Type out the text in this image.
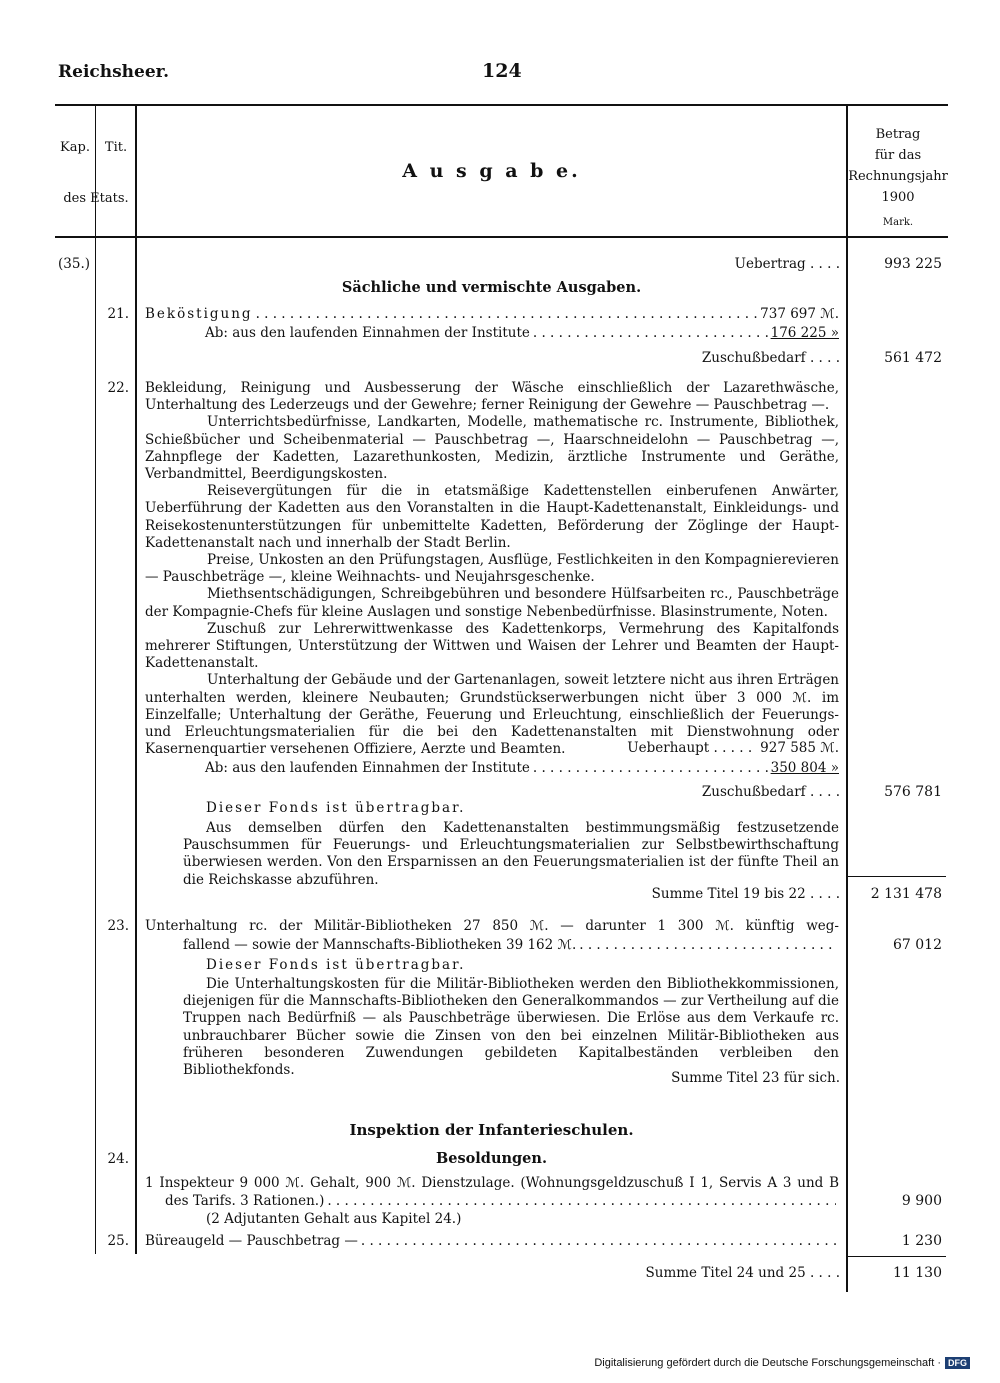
Reichsheer.	124
Kap.	Tit.
des Etats.
A u s g a b e.
Betrag
für das
Rechnungsjahr
1900
Mark.
(35.)	Uebertrag . . . .	993 225
Sächliche und vermischte Ausgaben.
21. Beköstigung . . .	737 697 ℳ.
Ab: aus den laufenden Einnahmen der Institute . . .	176 225 »
Zuschußbedarf . . . .	561 472
22. Bekleidung, Reinigung und Ausbesserung der Wäsche einschließlich der Lazarethwäsche, Unterhaltung des Lederzeugs und der Gewehre; ferner Reinigung der Gewehre — Pauschbetrag —.
Unterrichtsbedürfnisse, Landkarten, Modelle, mathematische rc. Instrumente, Bibliothek, Schießbücher und Scheibenmaterial — Pauschbetrag —, Haarschneidelohn — Pauschbetrag —, Zahnpflege der Kadetten, Lazarethunkosten, Medizin, ärztliche Instrumente und Geräthe, Verbandmittel, Beerdigungskosten.
Reisevergütungen für die in etatsmäßige Kadettenstellen einberufenen Anwärter, Ueberführung der Kadetten aus den Voranstalten in die Haupt-Kadettenanstalt, Einkleidungs- und Reisekostenunterstützungen für unbemittelte Kadetten, Beförderung der Zöglinge der Haupt-Kadettenanstalt nach und innerhalb der Stadt Berlin.
Preise, Unkosten an den Prüfungstagen, Ausflüge, Festlichkeiten in den Kompagnierevieren — Pauschbeträge —, kleine Weihnachts- und Neujahrsgeschenke.
Miethsentschädigungen, Schreibgebühren und besondere Hülfsarbeiten rc., Pauschbeträge der Kompagnie-Chefs für kleine Auslagen und sonstige Nebenbedürfnisse. Blasinstrumente, Noten.
Zuschuß zur Lehrerwittwenkasse des Kadettenkorps, Vermehrung des Kapitalfonds mehrerer Stiftungen, Unterstützung der Wittwen und Waisen der Lehrer und Beamten der Haupt-Kadettenanstalt.
Unterhaltung der Gebäude und der Gartenanlagen, soweit letztere nicht aus ihren Erträgen unterhalten werden, kleinere Neubauten; Grundstückserwerbungen nicht über 3 000 ℳ. im Einzelfalle; Unterhaltung der Geräthe, Feuerung und Erleuchtung, einschließlich der Feuerungs- und Erleuchtungsmaterialien für die bei den Kadettenanstalten mit Dienstwohnung oder Kasernenquartier versehenen Offiziere, Aerzte und Beamten.	Ueberhaupt . . . . . 927 585 ℳ.
Ab: aus den laufenden Einnahmen der Institute . . .	350 804 »
Zuschußbedarf . . . .	576 781
Dieser Fonds ist übertragbar.
Aus demselben dürfen den Kadettenanstalten bestimmungsmäßig festzusetzende Pauschsummen für Feuerungs- und Erleuchtungsmaterialien zur Selbstbewirthschaftung überwiesen werden. Von den Ersparnissen an den Feuerungsmaterialien ist der fünfte Theil an die Reichskasse abzuführen.
Summe Titel 19 bis 22 . . . .	2 131 478
23. Unterhaltung rc. der Militär-Bibliotheken 27 850 ℳ. — darunter 1 300 ℳ. künftig weg-
fallend — sowie der Mannschafts-Bibliotheken 39 162 ℳ. . . .	67 012
Dieser Fonds ist übertragbar.
Die Unterhaltungskosten für die Militär-Bibliotheken werden den Bibliothekkommissionen, diejenigen für die Mannschafts-Bibliotheken den Generalkommandos — zur Vertheilung auf die Truppen nach Bedürfniß — als Pauschbeträge überwiesen. Die Erlöse aus dem Verkaufe rc. unbrauchbarer Bücher sowie die Zinsen von den bei einzelnen Militär-Bibliotheken aus früheren besonderen Zuwendungen gebildeten Kapitalbeständen verbleiben den Bibliothekfonds.	Summe Titel 23 für sich.
Inspektion der Infanterieschulen.
24.	Besoldungen.
1 Inspekteur 9 000 ℳ. Gehalt, 900 ℳ. Dienstzulage. (Wohnungsgeldzuschuß I 1, Servis A 3 und B
des Tarifs. 3 Rationen.) . . .	9 900
(2 Adjutanten Gehalt aus Kapitel 24.)
25. Büreaugeld — Pauschbetrag — . . .	1 230
Summe Titel 24 und 25 . . . .	11 130
Digitalisierung gefördert durch die Deutsche Forschungsgemeinschaft · DFG
